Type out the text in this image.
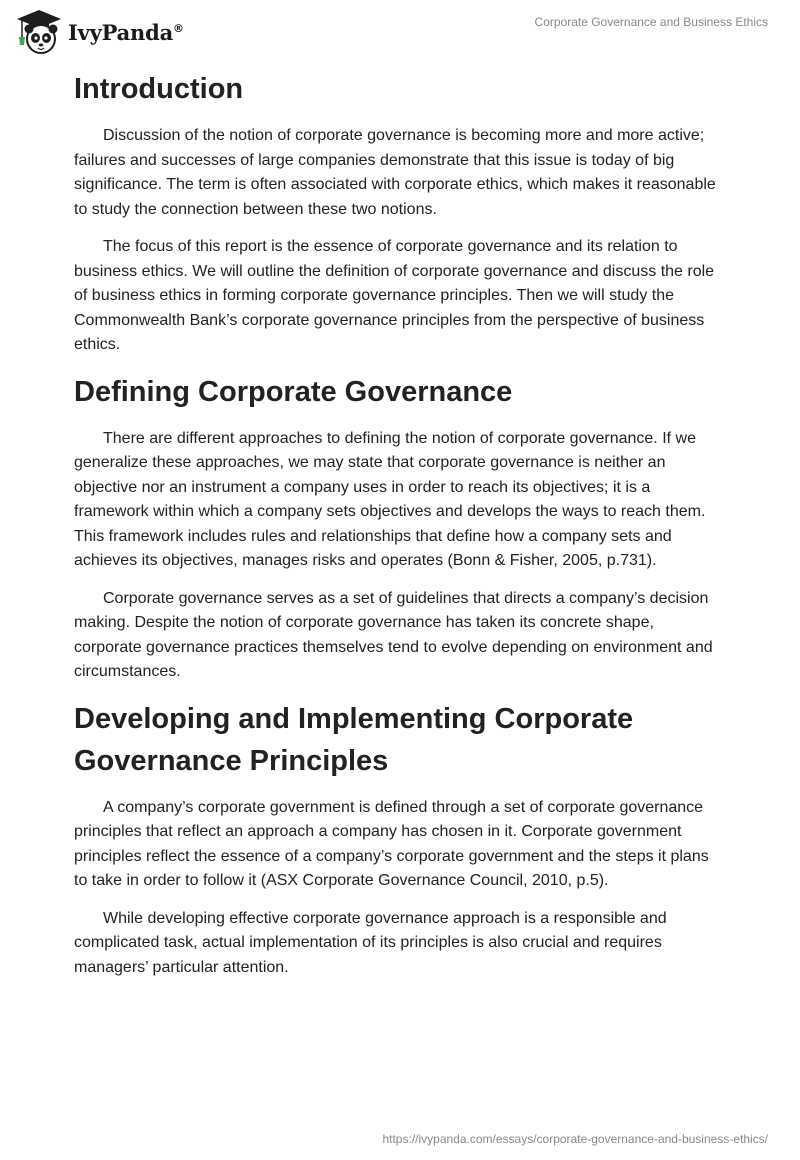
IvyPanda®	Corporate Governance and Business Ethics
Introduction

Discussion of the notion of corporate governance is becoming more and more active; failures and successes of large companies demonstrate that this issue is today of big significance. The term is often associated with corporate ethics, which makes it reasonable to study the connection between these two notions.

The focus of this report is the essence of corporate governance and its relation to business ethics. We will outline the definition of corporate governance and discuss the role of business ethics in forming corporate governance principles. Then we will study the Commonwealth Bank’s corporate governance principles from the perspective of business ethics.

Defining Corporate Governance

There are different approaches to defining the notion of corporate governance. If we generalize these approaches, we may state that corporate governance is neither an objective nor an instrument a company uses in order to reach its objectives; it is a framework within which a company sets objectives and develops the ways to reach them. This framework includes rules and relationships that define how a company sets and achieves its objectives, manages risks and operates (Bonn & Fisher, 2005, p.731).

Corporate governance serves as a set of guidelines that directs a company’s decision making. Despite the notion of corporate governance has taken its concrete shape, corporate governance practices themselves tend to evolve depending on environment and circumstances.

Developing and Implementing Corporate Governance Principles

A company’s corporate government is defined through a set of corporate governance principles that reflect an approach a company has chosen in it. Corporate government principles reflect the essence of a company’s corporate government and the steps it plans to take in order to follow it (ASX Corporate Governance Council, 2010, p.5).

While developing effective corporate governance approach is a responsible and complicated task, actual implementation of its principles is also crucial and requires managers’ particular attention.

https://ivypanda.com/essays/corporate-governance-and-business-ethics/
